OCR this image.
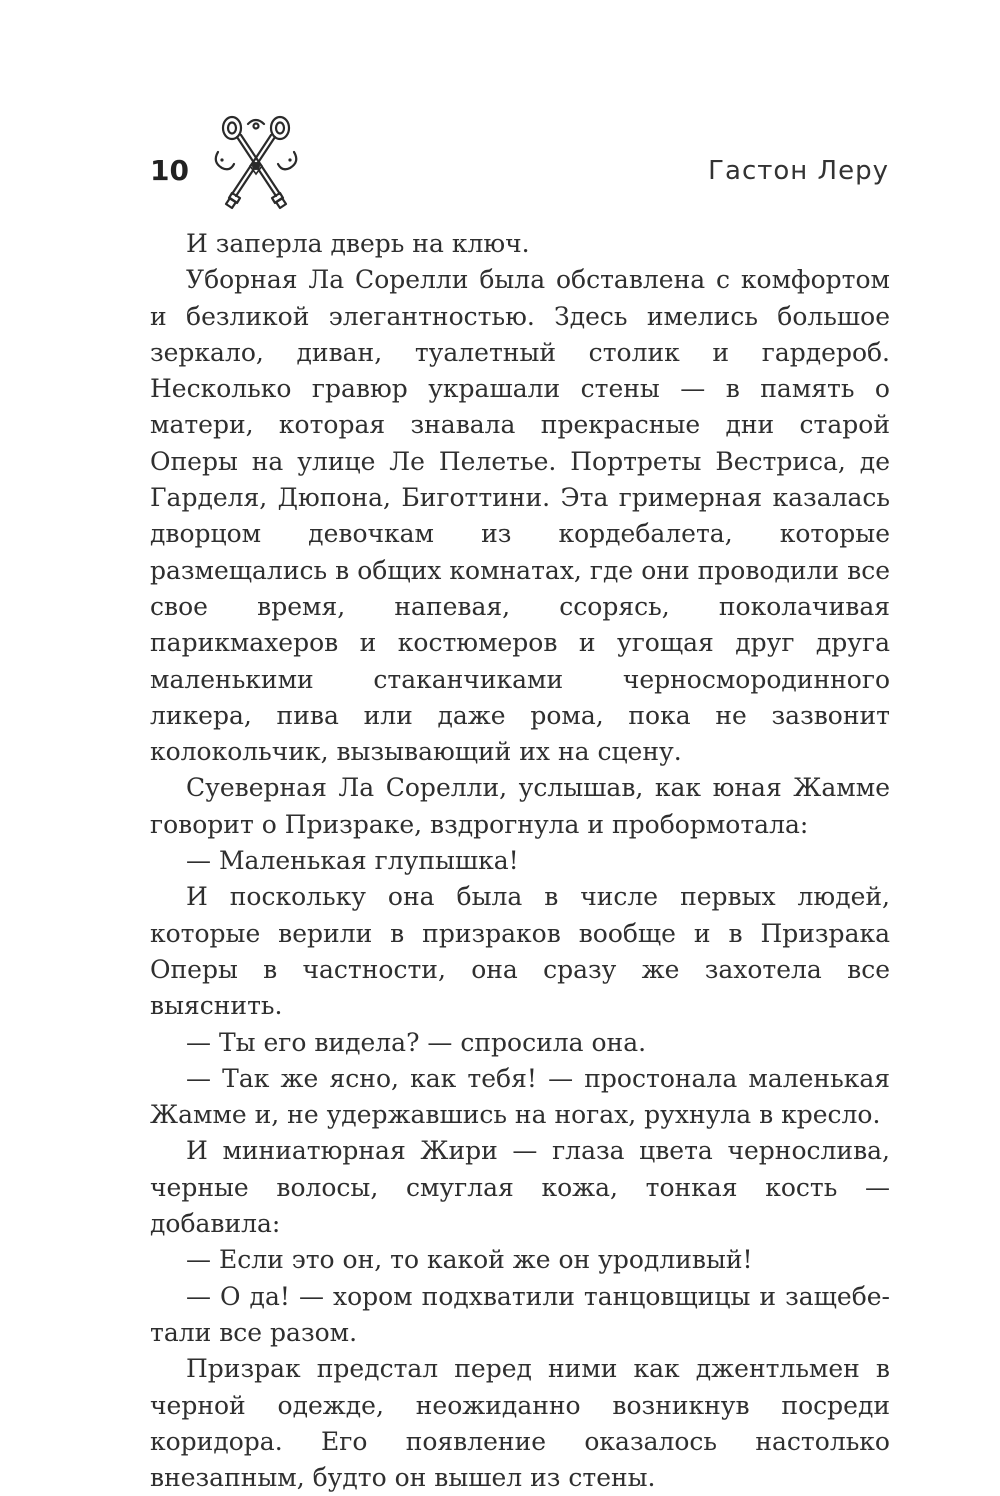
10	Гастон Леру

И заперла дверь на ключ.

Уборная Ла Сорелли была обставлена с комфортом и безликой элегантностью. Здесь имелись большое зеркало, диван, туалетный столик и гардероб. Несколько гравюр украшали стены — в память о матери, которая знавала прекрасные дни старой Оперы на улице Ле Пелетье. Портреты Вестриса, де Гарделя, Дюпона, Биготтини. Эта гримерная казалась дворцом девочкам из кордебалета, которые размещались в общих комнатах, где они проводили все свое время, напевая, ссорясь, поколачивая парикмахеров и костюмеров и угощая друг друга маленькими стаканчиками черносмородинного ликера, пива или даже рома, пока не зазвонит колокольчик, вызывающий их на сцену.

Суеверная Ла Сорелли, услышав, как юная Жамме говорит о Призраке, вздрогнула и пробормотала:

— Маленькая глупышка!

И поскольку она была в числе первых людей, которые верили в призраков вообще и в Призрака Оперы в частности, она сразу же захотела все выяснить.

— Ты его видела? — спросила она.

— Так же ясно, как тебя! — простонала маленькая Жамме и, не удержавшись на ногах, рухнула в кресло.

И миниатюрная Жири — глаза цвета чернослива, черные волосы, смуглая кожа, тонкая кость — добавила:

— Если это он, то какой же он уродливый!

— О да! — хором подхватили танцовщицы и защебетали все разом.

Призрак предстал перед ними как джентльмен в черной одежде, неожиданно возникнув посреди коридора. Его появление оказалось настолько внезапным, будто он вышел из стены.
